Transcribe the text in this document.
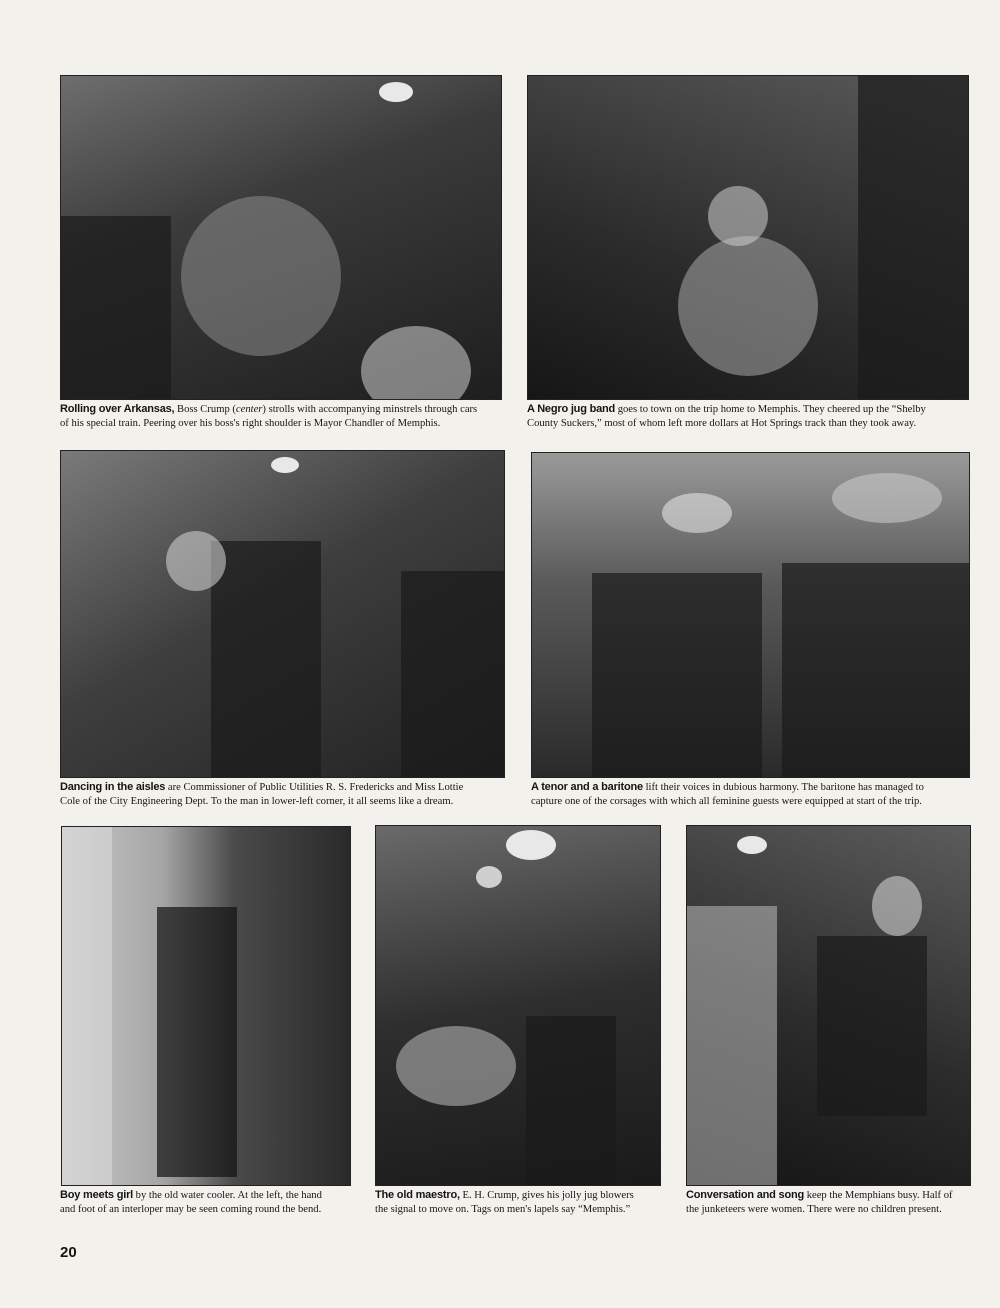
Rolling over Arkansas, Boss Crump (center) strolls with accompanying minstrels through cars
of his special train. Peering over his boss's right shoulder is Mayor Chandler of Memphis.
A Negro jug band goes to town on the trip home to Memphis. They cheered up the “Shelby
County Suckers,” most of whom left more dollars at Hot Springs track than they took away.
Dancing in the aisles are Commissioner of Public Utilities R. S. Fredericks and Miss Lottie
Cole of the City Engineering Dept. To the man in lower-left corner, it all seems like a dream.
A tenor and a baritone lift their voices in dubious harmony. The baritone has managed to
capture one of the corsages with which all feminine guests were equipped at start of the trip.
Boy meets girl by the old water cooler. At the left, the hand
and foot of an interloper may be seen coming round the bend.
The old maestro, E. H. Crump, gives his jolly jug blowers
the signal to move on. Tags on men's lapels say “Memphis.”
Conversation and song keep the Memphians busy. Half of
the junketeers were women. There were no children present.
20
